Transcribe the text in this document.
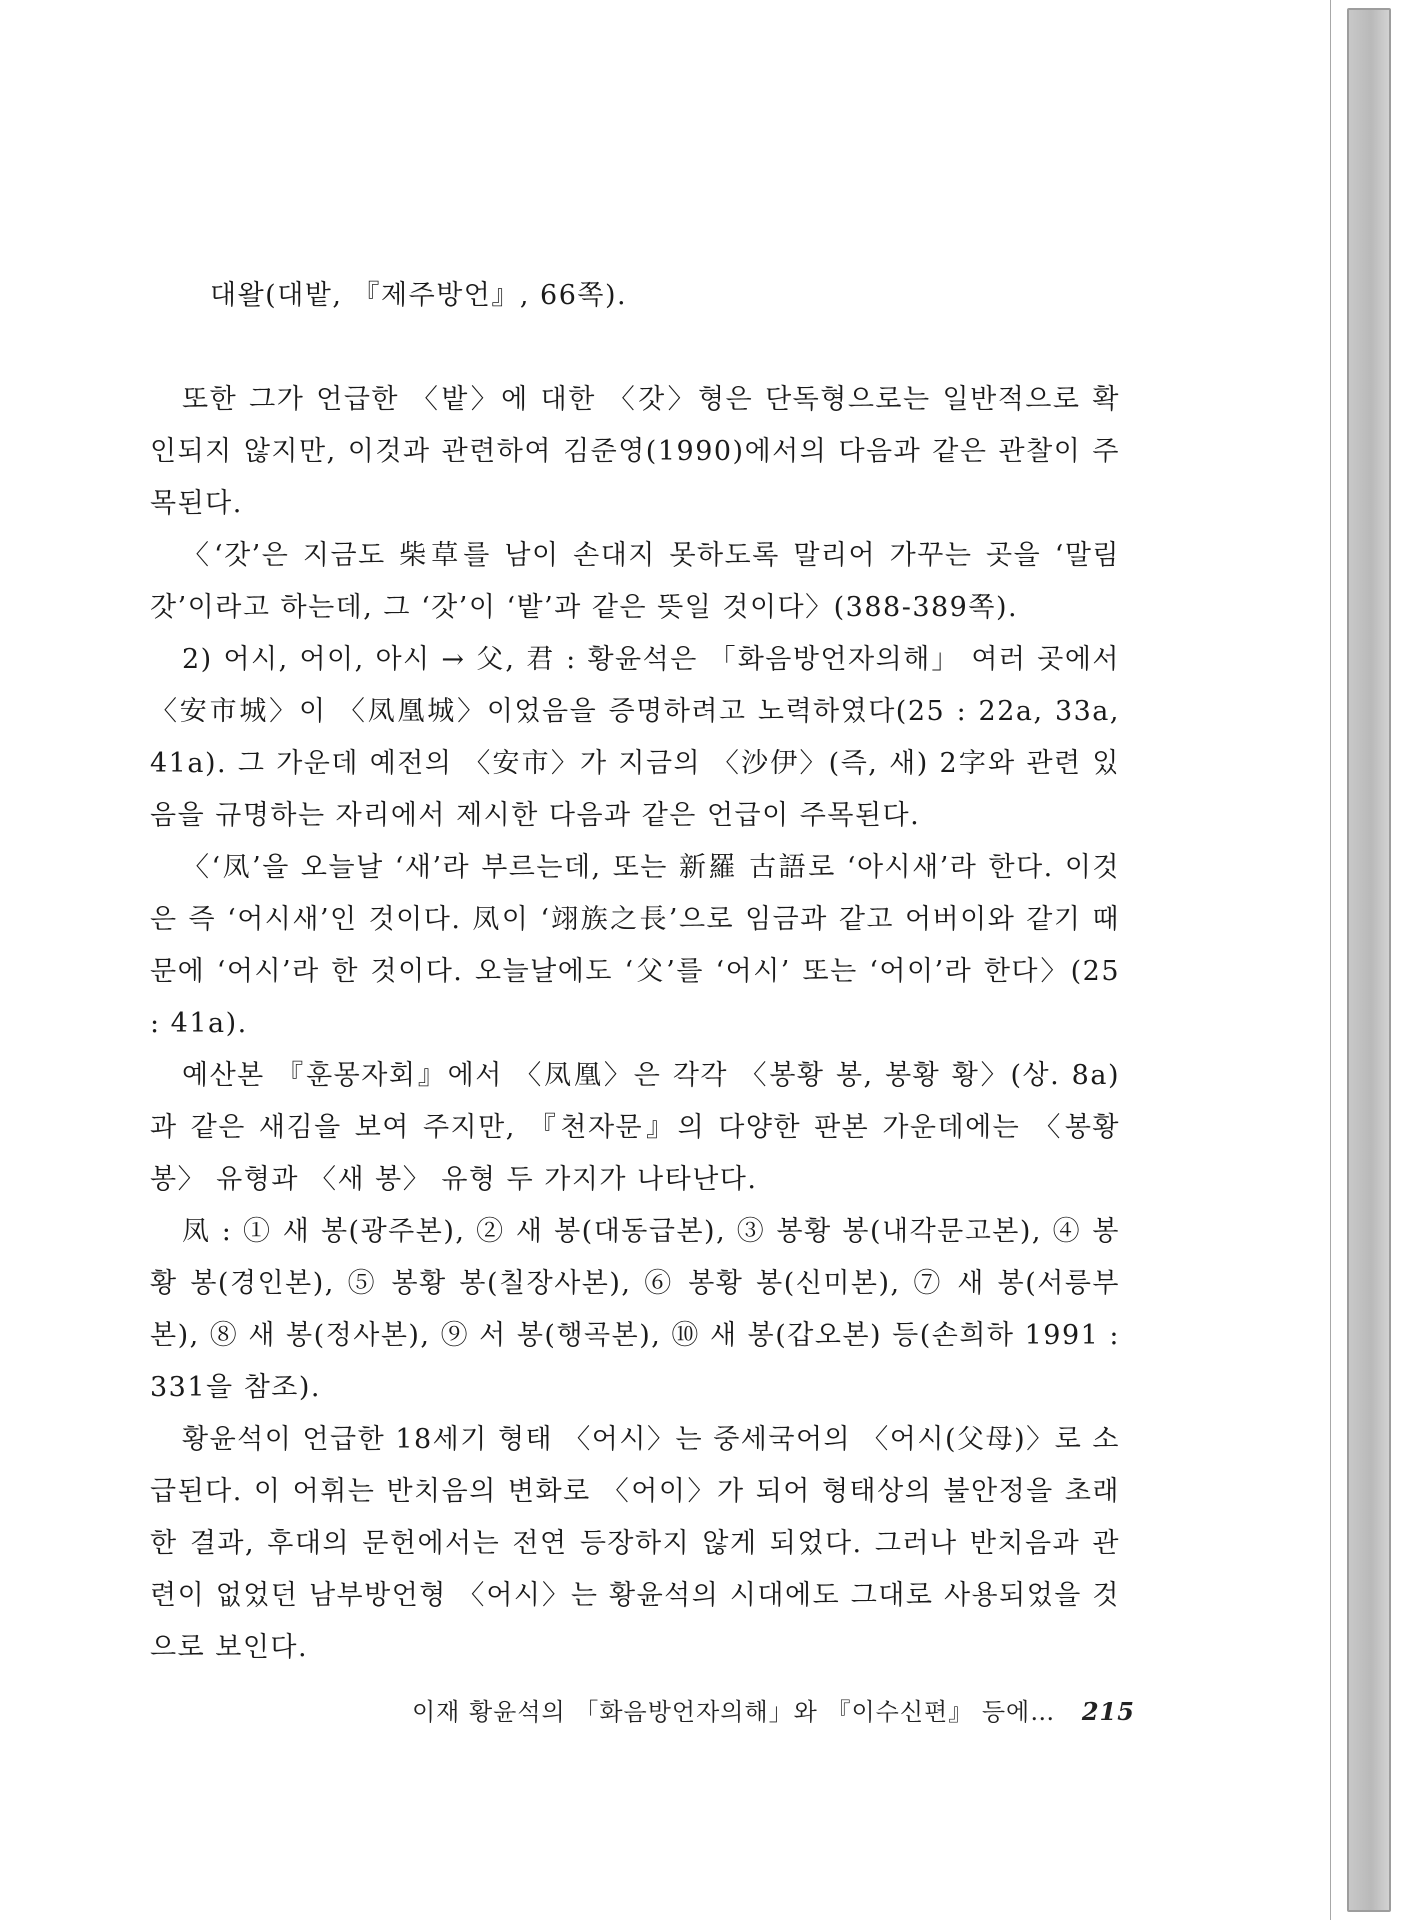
대왈(대밭, 『제주방언』, 66쪽).

또한 그가 언급한 〈밭〉에 대한 〈갓〉형은 단독형으로는 일반적으로 확인되지 않지만, 이것과 관련하여 김준영(1990)에서의 다음과 같은 관찰이 주목된다.

〈‘갓’은 지금도 柴草를 남이 손대지 못하도록 말리어 가꾸는 곳을 ‘말림갓’이라고 하는데, 그 ‘갓’이 ‘밭’과 같은 뜻일 것이다〉(388-389쪽).

2) 어시, 어이, 아시 → 父, 君 : 황윤석은 「화음방언자의해」 여러 곳에서 〈安市城〉이 〈凤凰城〉이었음을 증명하려고 노력하였다(25 : 22a, 33a, 41a). 그 가운데 예전의 〈安市〉가 지금의 〈沙伊〉(즉, 새) 2字와 관련 있음을 규명하는 자리에서 제시한 다음과 같은 언급이 주목된다.

〈‘凤’을 오늘날 ‘새’라 부르는데, 또는 新羅 古語로 ‘아시새’라 한다. 이것은 즉 ‘어시새’인 것이다. 凤이 ‘翊族之長’으로 임금과 같고 어버이와 같기 때문에 ‘어시’라 한 것이다. 오늘날에도 ‘父’를 ‘어시’ 또는 ‘어이’라 한다〉(25 : 41a).

예산본 『훈몽자회』에서 〈凤凰〉은 각각 〈봉황 봉, 봉황 황〉(상. 8a)과 같은 새김을 보여 주지만, 『천자문』의 다양한 판본 가운데에는 〈봉황 봉〉 유형과 〈새 봉〉 유형 두 가지가 나타난다.

凤 : ① 새 봉(광주본), ② 새 봉(대동급본), ③ 봉황 봉(내각문고본), ④ 봉황 봉(경인본), ⑤ 봉황 봉(칠장사본), ⑥ 봉황 봉(신미본), ⑦ 새 봉(서릉부본), ⑧ 새 봉(정사본), ⑨ 서 봉(행곡본), ⑩ 새 봉(갑오본) 등(손희하 1991 : 331을 참조).

황윤석이 언급한 18세기 형태 〈어시〉는 중세국어의 〈어시(父母)〉로 소급된다. 이 어휘는 반치음의 변화로 〈어이〉가 되어 형태상의 불안정을 초래한 결과, 후대의 문헌에서는 전연 등장하지 않게 되었다. 그러나 반치음과 관련이 없었던 남부방언형 〈어시〉는 황윤석의 시대에도 그대로 사용되었을 것으로 보인다.

이재 황윤석의 「화음방언자의해」와 『이수신편』 등에… 215
